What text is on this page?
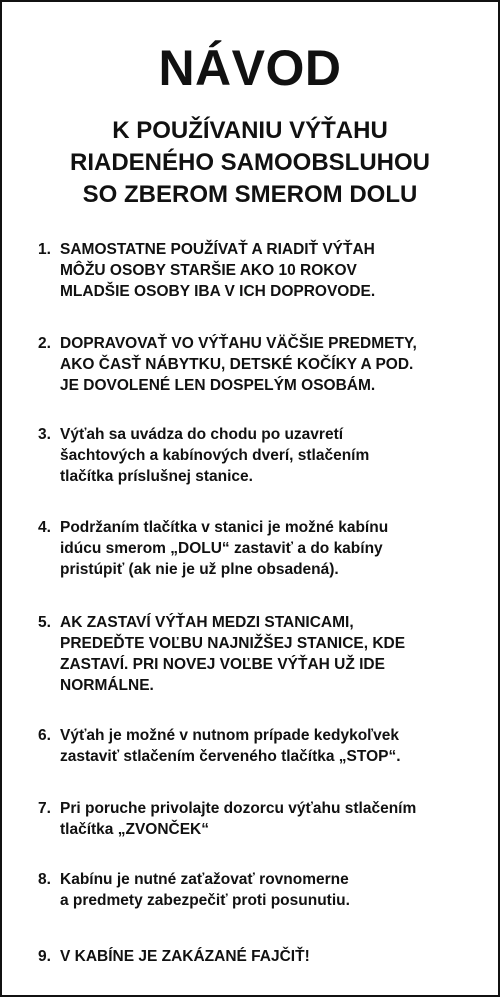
NÁVOD
K POUŽÍVANIU VÝŤAHU
RIADENÉHO SAMOOBSLUHOU
SO ZBEROM SMEROM DOLU
1. SAMOSTATNE POUŽÍVAŤ A RIADIŤ VÝŤAH
MÔŽU OSOBY STARŠIE AKO 10 ROKOV
MLADŠIE OSOBY IBA V ICH DOPROVODE.
2. DOPRAVOVAŤ VO VÝŤAHU VÄČŠIE PREDMETY,
AKO ČASŤ NÁBYTKU, DETSKÉ KOČÍKY A POD.
JE DOVOLENÉ LEN DOSPELÝM OSOBÁM.
3. Výťah sa uvádza do chodu po uzavretí
šachtových a kabínových dverí, stlačením
tlačítka príslušnej stanice.
4. Podržaním tlačítka v stanici je možné kabínu
idúcu smerom „DOLU“ zastaviť a do kabíny
pristúpiť (ak nie je už plne obsadená).
5. AK ZASTAVÍ VÝŤAH MEDZI STANICAMI,
PREDEĎTE VOĽBU NAJNIŽŠEJ STANICE, KDE
ZASTAVÍ. PRI NOVEJ VOĽBE VÝŤAH UŽ IDE
NORMÁLNE.
6. Výťah je možné v nutnom prípade kedykoľvek
zastaviť stlačením červeného tlačítka „STOP“.
7. Pri poruche privolajte dozorcu výťahu stlačením
tlačítka „ZVONČEK“
8. Kabínu je nutné zaťažovať rovnomerne
a predmety zabezpečiť proti posunutiu.
9. V KABÍNE JE ZAKÁZANÉ FAJČIŤ!
